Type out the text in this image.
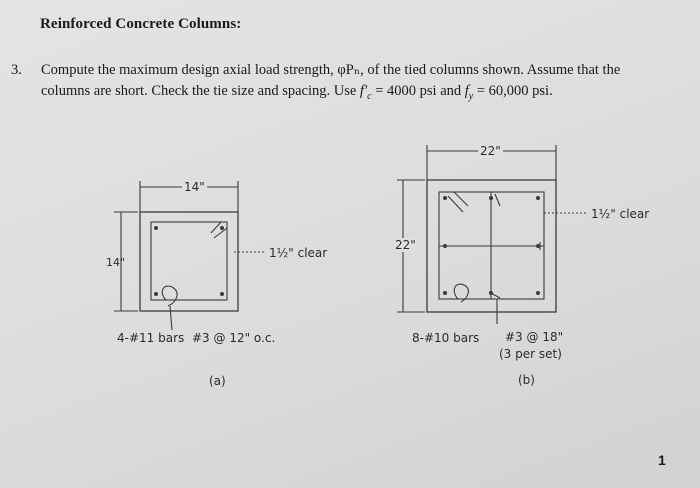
Reinforced Concrete Columns:
3. Compute the maximum design axial load strength, φPₙ, of the tied columns shown. Assume that the
columns are short. Check the tie size and spacing. Use $f'_c = 4000$ psi and $f_y = 60,000$ psi.
14"
14"
1½" clear
4-#11 bars #3 @ 12" o.c.
(a)
22"
22"
1½" clear
8-#10 bars #3 @ 18"
(3 per set)
(b)
1
